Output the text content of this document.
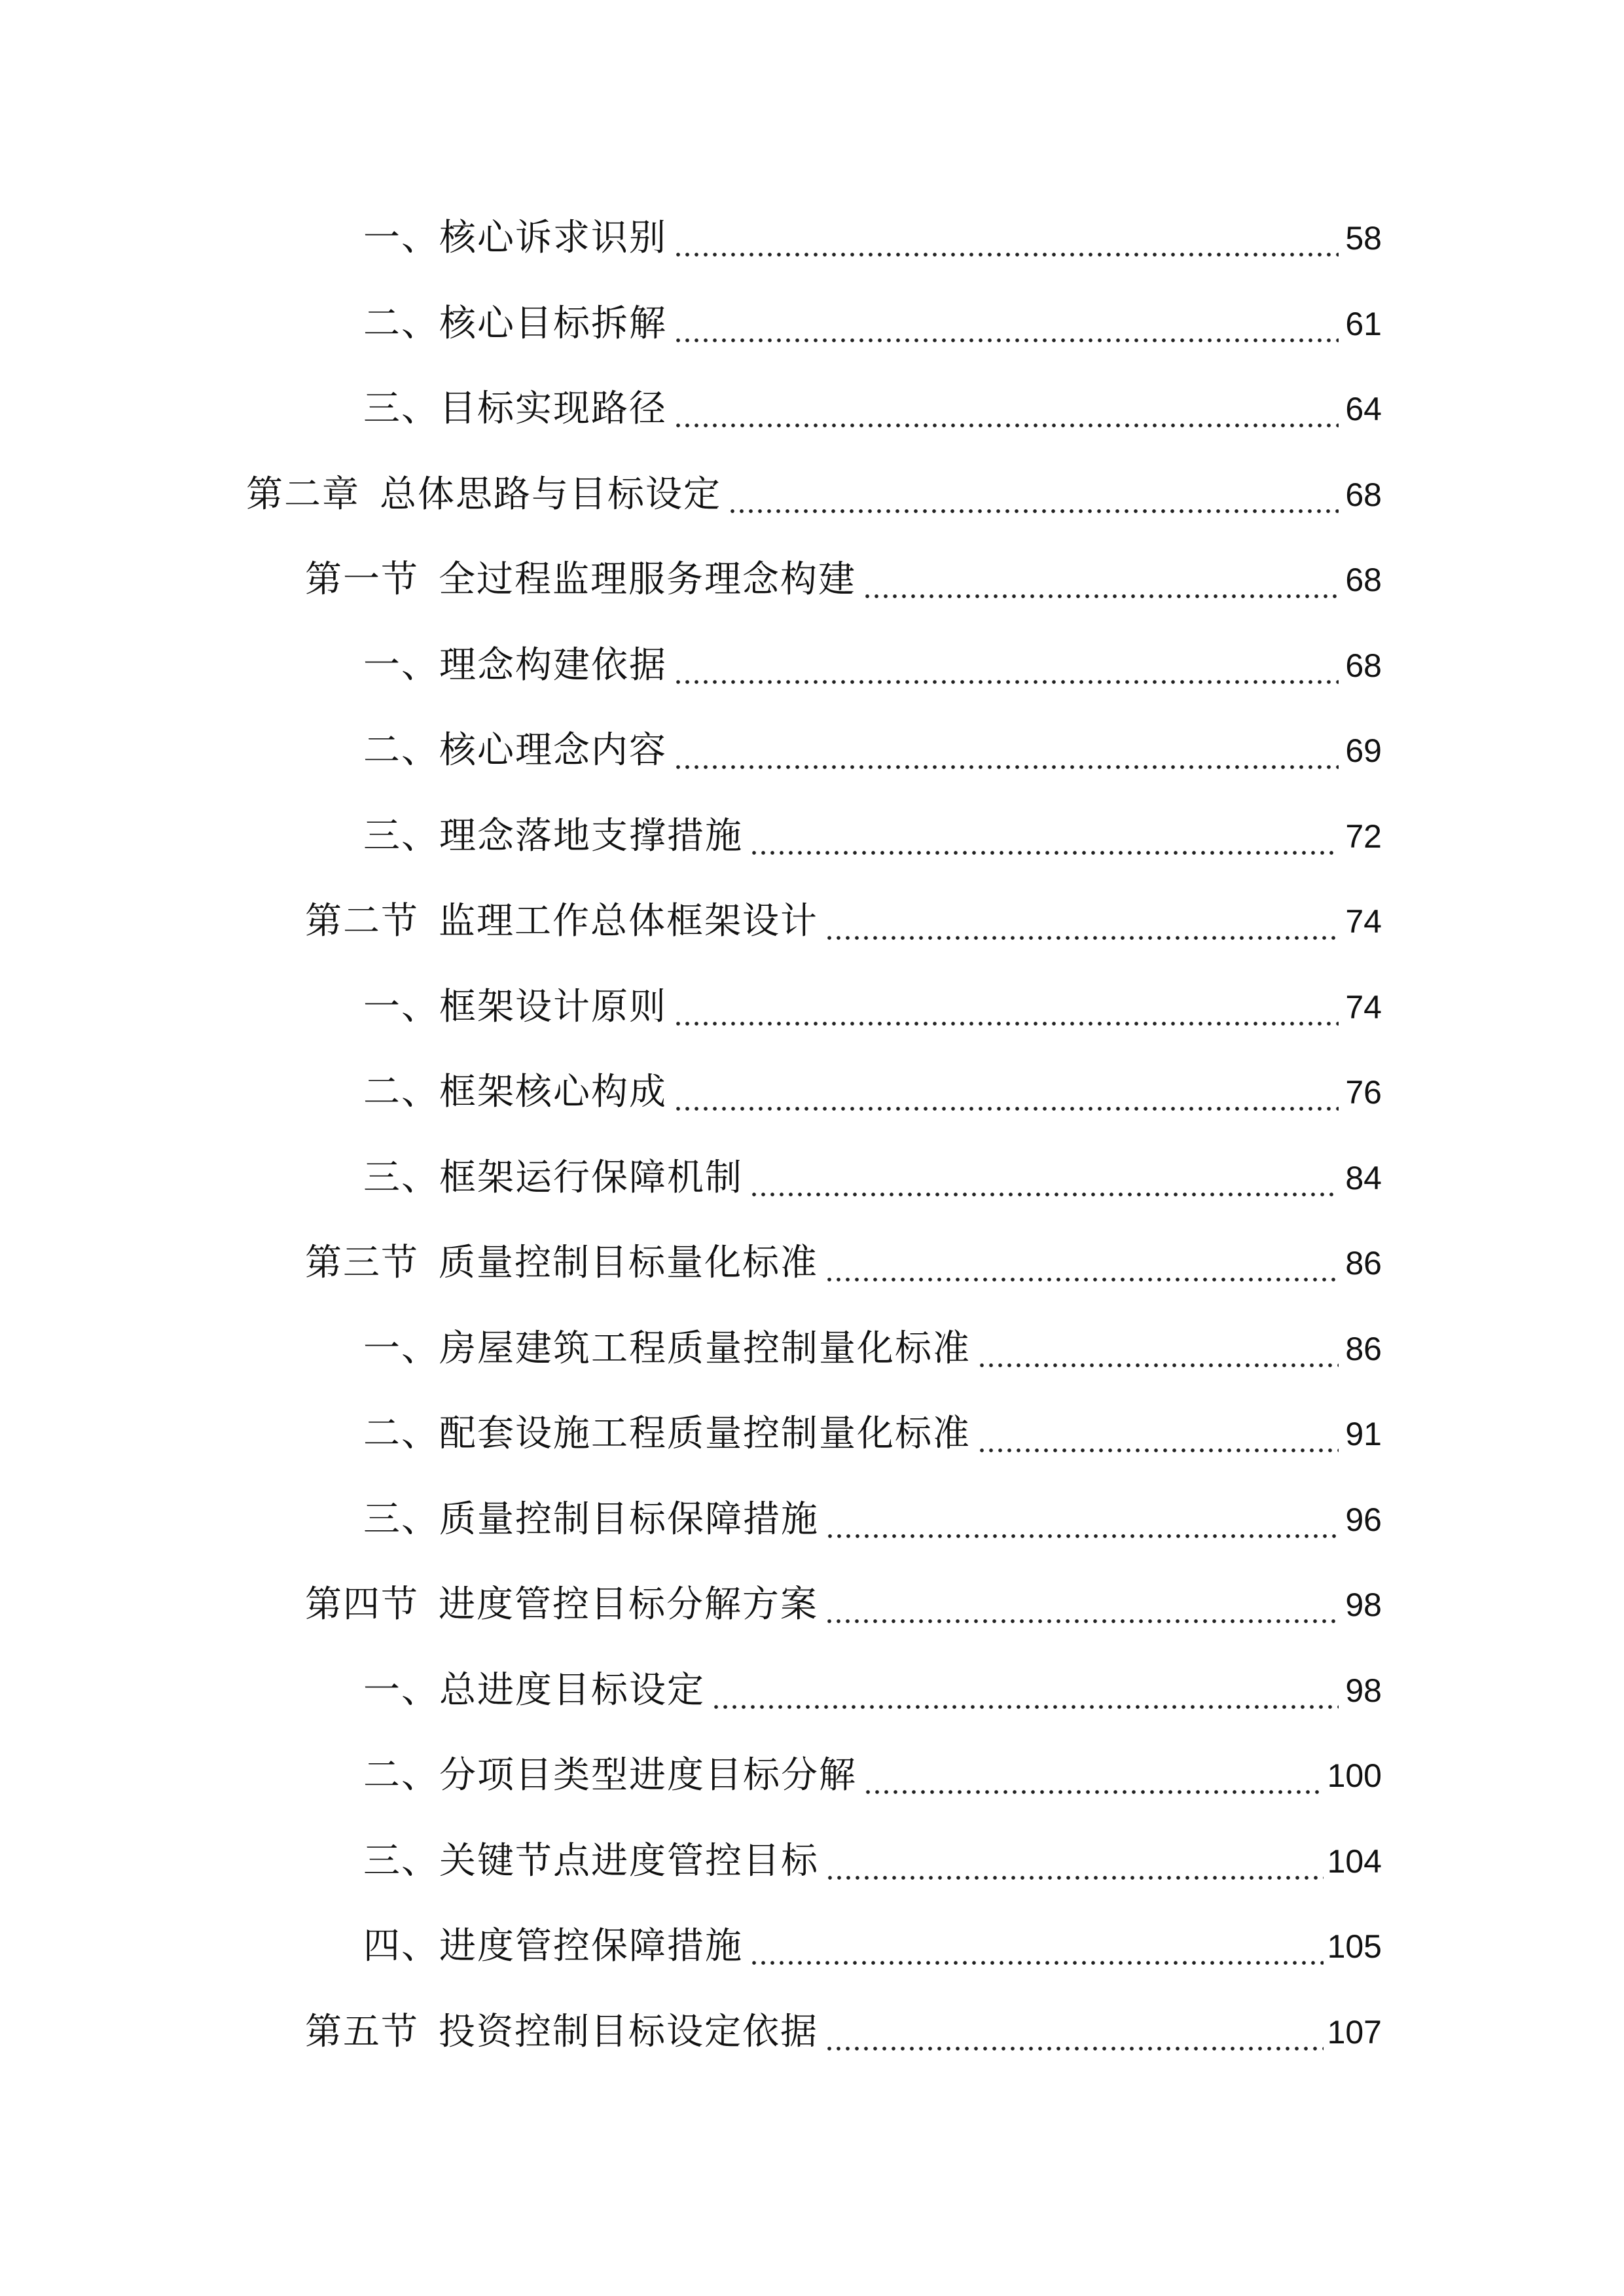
一、核心诉求识别	58
二、核心目标拆解	61
三、目标实现路径	64
第二章 总体思路与目标设定	68
第一节 全过程监理服务理念构建	68
一、理念构建依据	68
二、核心理念内容	69
三、理念落地支撑措施	72
第二节 监理工作总体框架设计	74
一、框架设计原则	74
二、框架核心构成	76
三、框架运行保障机制	84
第三节 质量控制目标量化标准	86
一、房屋建筑工程质量控制量化标准	86
二、配套设施工程质量控制量化标准	91
三、质量控制目标保障措施	96
第四节 进度管控目标分解方案	98
一、总进度目标设定	98
二、分项目类型进度目标分解	100
三、关键节点进度管控目标	104
四、进度管控保障措施	105
第五节 投资控制目标设定依据	107
